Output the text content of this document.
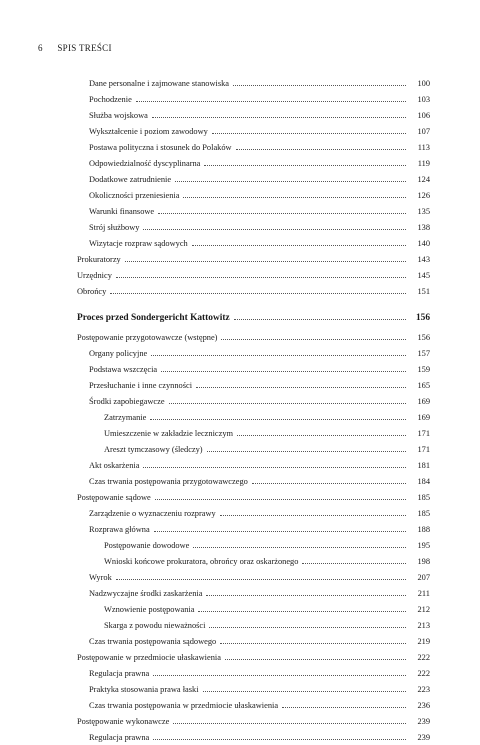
6 SPIS TREŚCI
Dane personalne i zajmowane stanowiska	100
Pochodzenie	103
Służba wojskowa	106
Wykształcenie i poziom zawodowy	107
Postawa polityczna i stosunek do Polaków	113
Odpowiedzialność dyscyplinarna	119
Dodatkowe zatrudnienie	124
Okoliczności przeniesienia	126
Warunki finansowe	135
Strój służbowy	138
Wizytacje rozpraw sądowych	140
Prokuratorzy	143
Urzędnicy	145
Obrońcy	151
Proces przed Sondergericht Kattowitz	156
Postępowanie przygotowawcze (wstępne)	156
Organy policyjne	157
Podstawa wszczęcia	159
Przesłuchanie i inne czynności	165
Środki zapobiegawcze	169
Zatrzymanie	169
Umieszczenie w zakładzie leczniczym	171
Areszt tymczasowy (śledczy)	171
Akt oskarżenia	181
Czas trwania postępowania przygotowawczego	184
Postępowanie sądowe	185
Zarządzenie o wyznaczeniu rozprawy	185
Rozprawa główna	188
Postępowanie dowodowe	195
Wnioski końcowe prokuratora, obrońcy oraz oskarżonego	198
Wyrok	207
Nadzwyczajne środki zaskarżenia	211
Wznowienie postępowania	212
Skarga z powodu nieważności	213
Czas trwania postępowania sądowego	219
Postępowanie w przedmiocie ułaskawienia	222
Regulacja prawna	222
Praktyka stosowania prawa łaski	223
Czas trwania postępowania w przedmiocie ułaskawienia	236
Postępowanie wykonawcze	239
Regulacja prawna	239
